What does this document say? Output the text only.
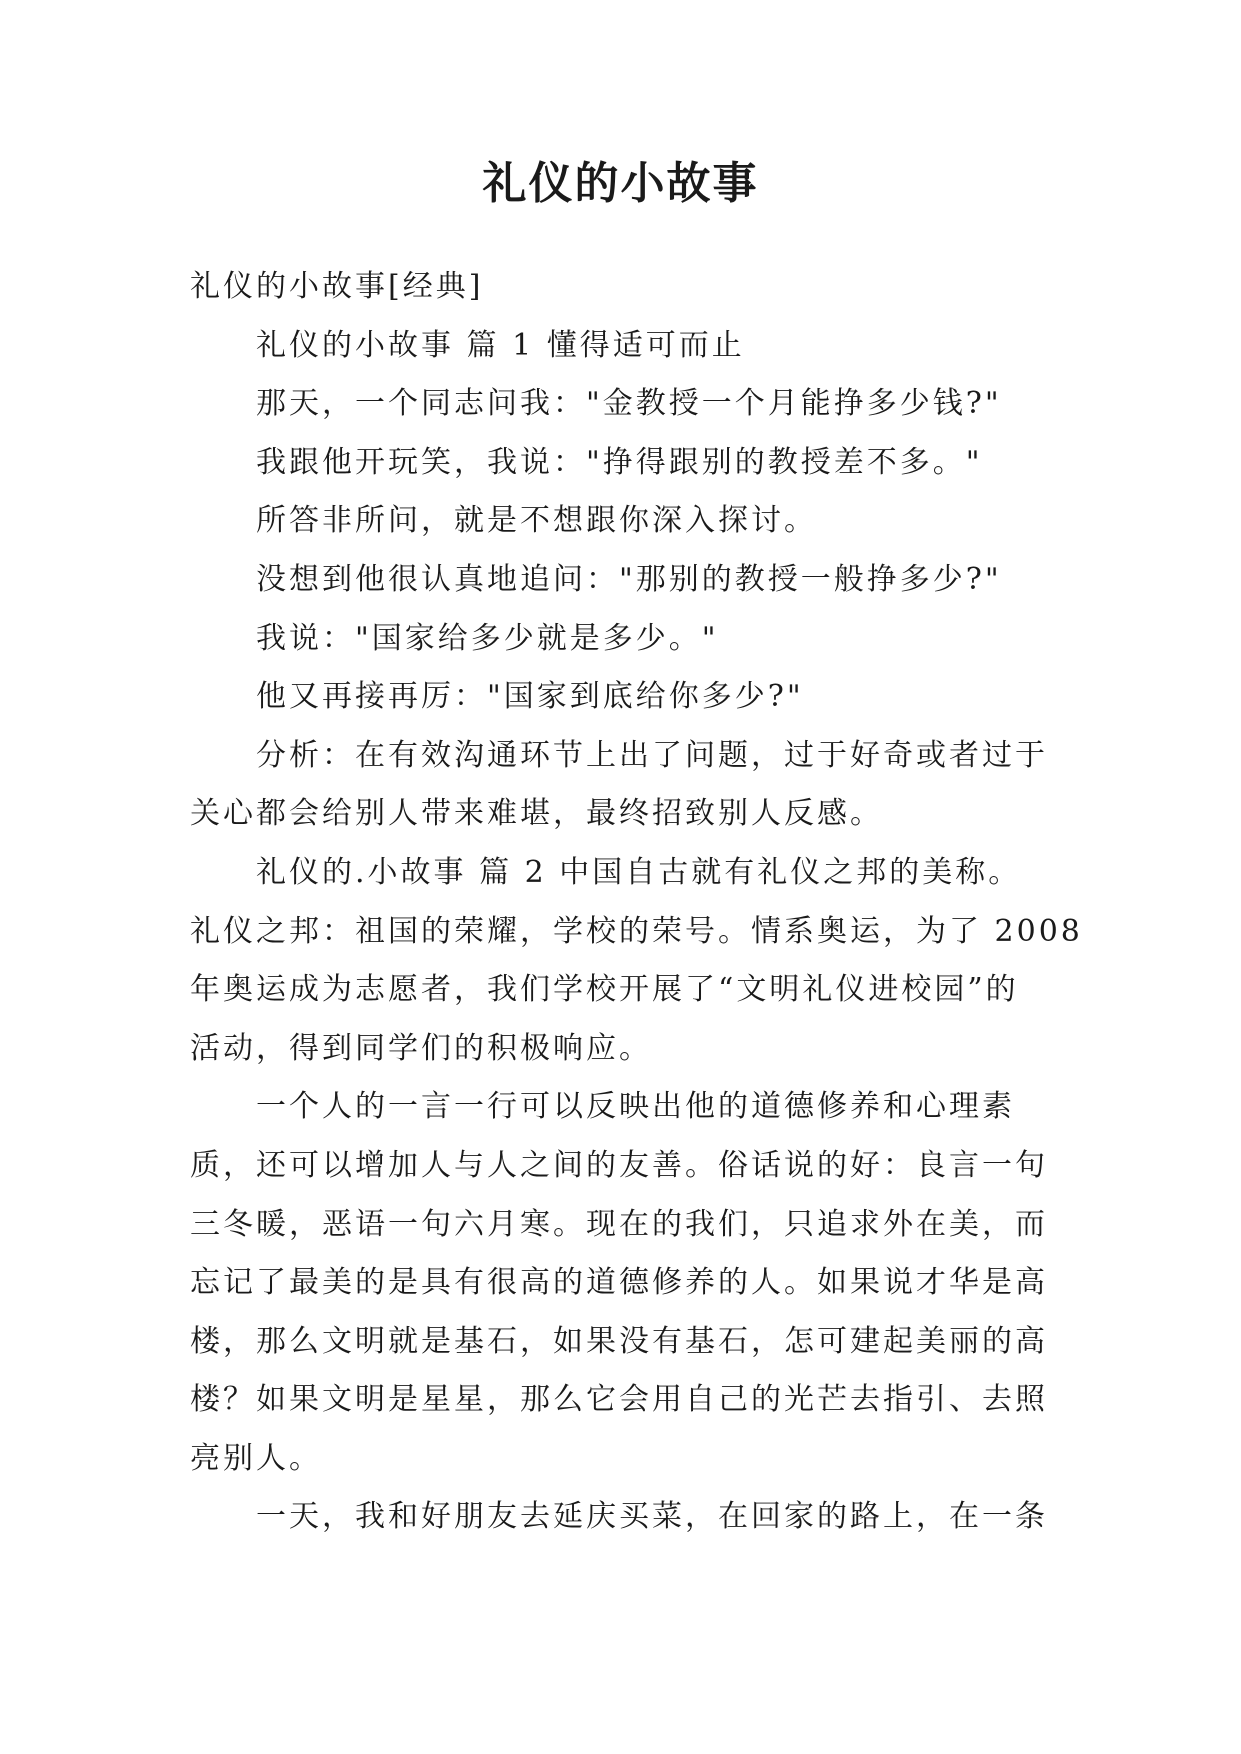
礼仪的小故事
礼仪的小故事[经典]
礼仪的小故事 篇 1 懂得适可而止
那天，一个同志问我："金教授一个月能挣多少钱?"
我跟他开玩笑，我说："挣得跟别的教授差不多。"
所答非所问，就是不想跟你深入探讨。
没想到他很认真地追问："那别的教授一般挣多少?"
我说："国家给多少就是多少。"
他又再接再厉："国家到底给你多少?"
分析：在有效沟通环节上出了问题，过于好奇或者过于
关心都会给别人带来难堪，最终招致别人反感。
礼仪的.小故事 篇 2 中国自古就有礼仪之邦的美称。
礼仪之邦：祖国的荣耀，学校的荣号。情系奥运，为了 2008
年奥运成为志愿者，我们学校开展了“文明礼仪进校园”的
活动，得到同学们的积极响应。
一个人的一言一行可以反映出他的道德修养和心理素
质，还可以增加人与人之间的友善。俗话说的好：良言一句
三冬暖，恶语一句六月寒。现在的我们，只追求外在美，而
忘记了最美的是具有很高的道德修养的人。如果说才华是高
楼，那么文明就是基石，如果没有基石，怎可建起美丽的高
楼？如果文明是星星，那么它会用自己的光芒去指引、去照
亮别人。
一天，我和好朋友去延庆买菜，在回家的路上，在一条
